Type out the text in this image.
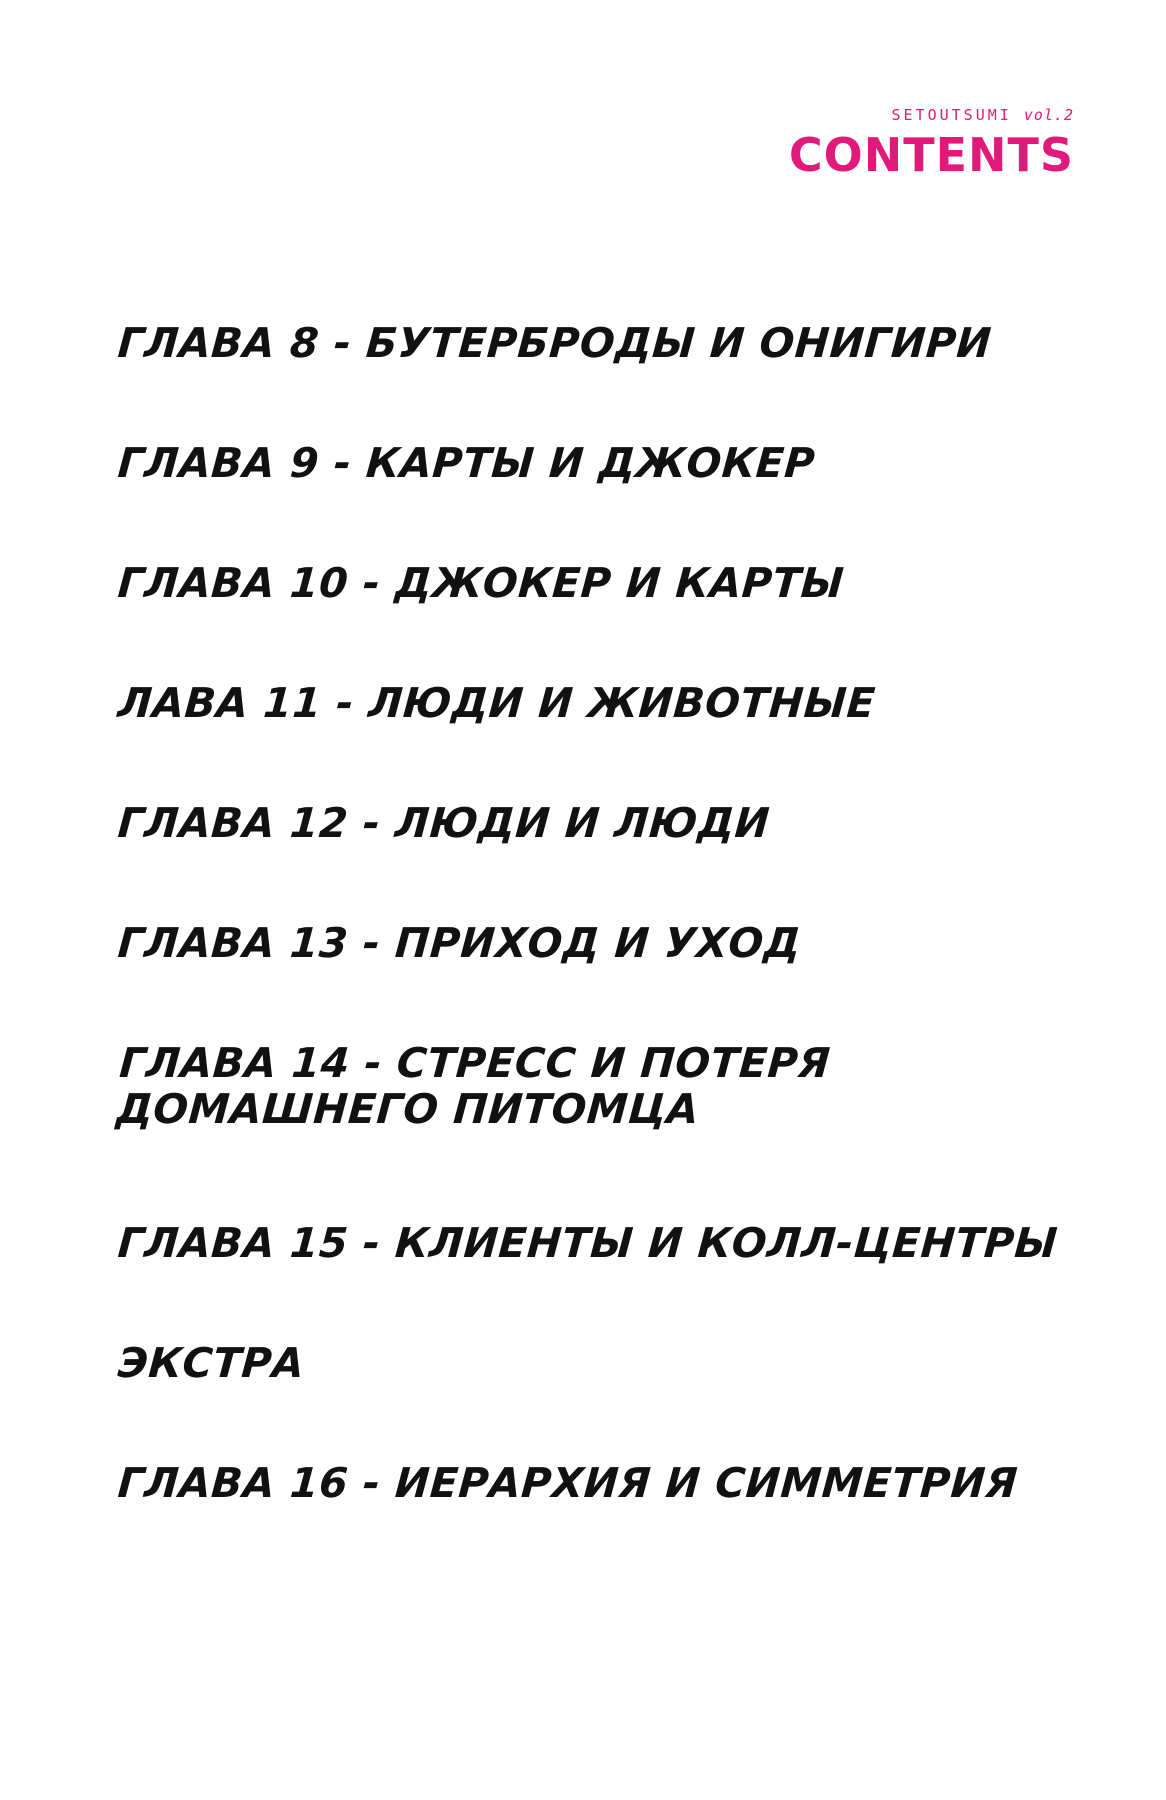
SETOUTSUMI vol.2
CONTENTS
ГЛАВА 8 - БУТЕРБРОДЫ И ОНИГИРИ
ГЛАВА 9 - КАРТЫ И ДЖОКЕР
ГЛАВА 10 - ДЖОКЕР И КАРТЫ
ЛАВА 11 - ЛЮДИ И ЖИВОТНЫЕ
ГЛАВА 12 - ЛЮДИ И ЛЮДИ
ГЛАВА 13 - ПРИХОД И УХОД
ГЛАВА 14 - СТРЕСС И ПОТЕРЯ ДОМАШНЕГО ПИТОМЦА
ГЛАВА 15 - КЛИЕНТЫ И КОЛЛ-ЦЕНТРЫ
ЭКСТРА
ГЛАВА 16 - ИЕРАРХИЯ И СИММЕТРИЯ
